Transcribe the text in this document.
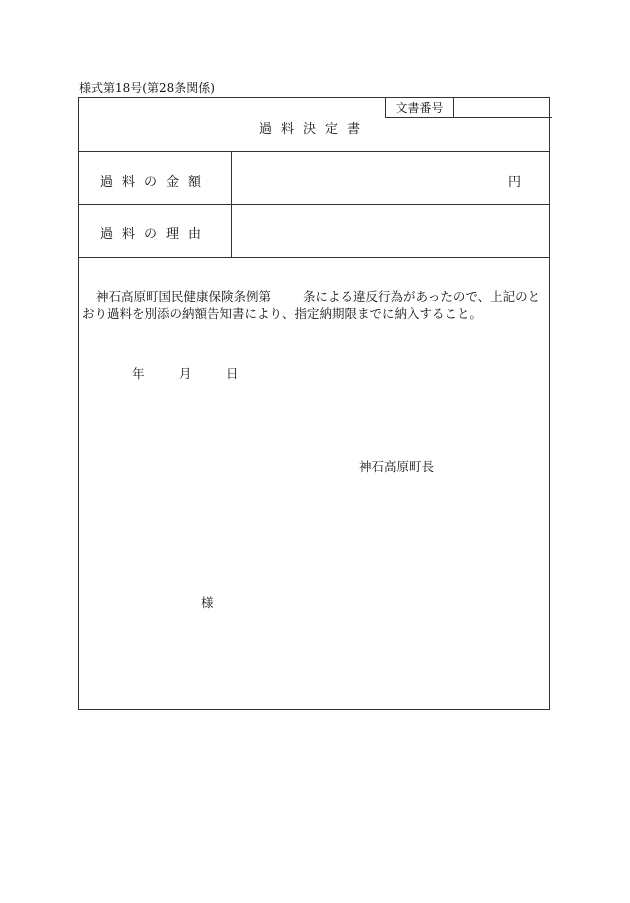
様式第18号(第28条関係)
文書番号
過料決定書
過料の金額	円
過料の理由
神石高原町国民健康保険条例第	条による違反行為があったので、上記のとおり過料を別添の納額告知書により、指定納期限までに納入すること。
年	月	日
神石高原町長
様
